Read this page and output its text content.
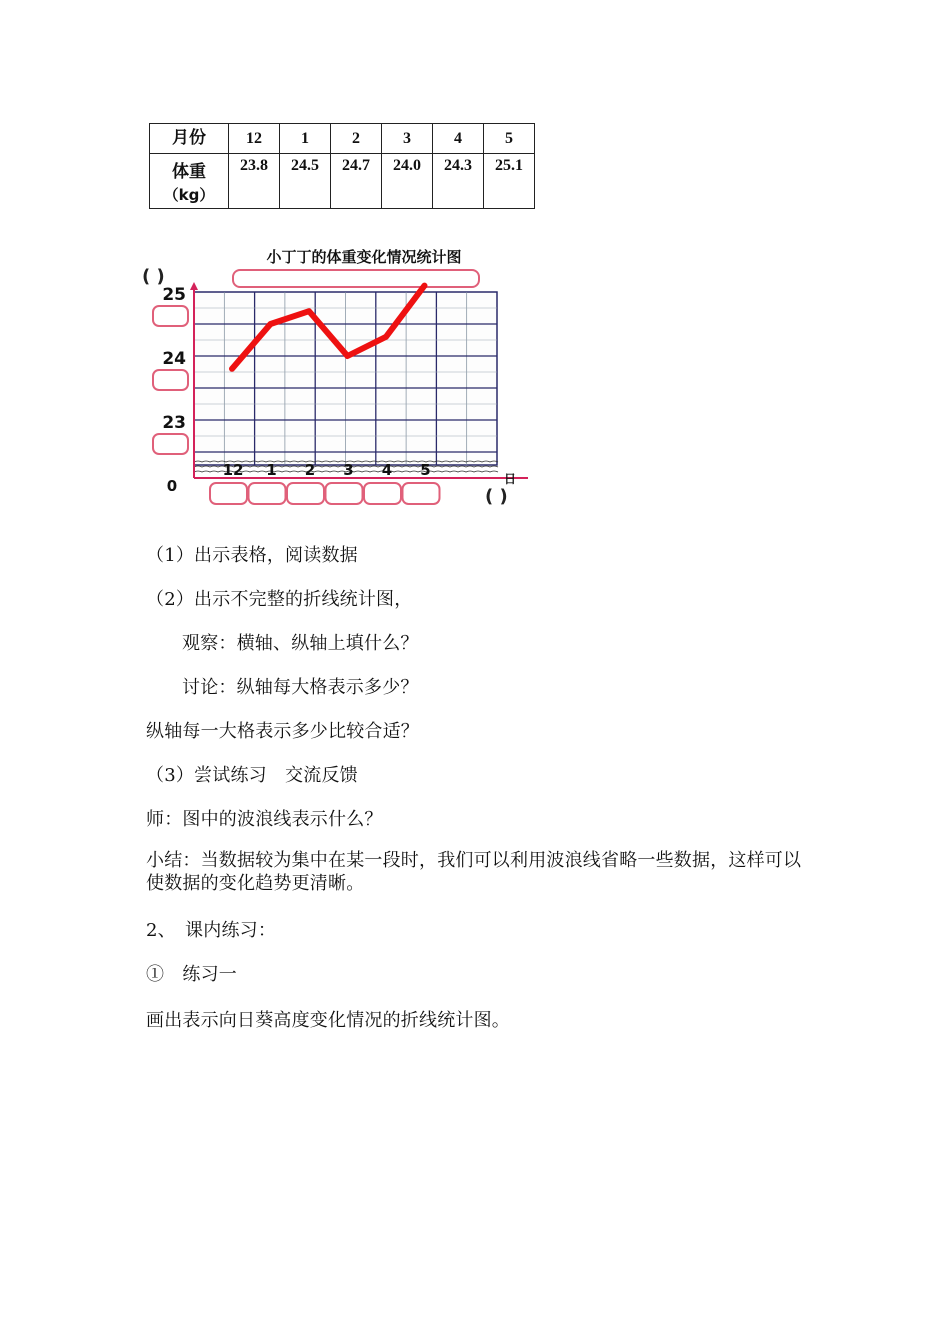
月份	12	1	2	3	4	5
体重
（kg）	23.8	24.5	24.7	24.0	24.3	25.1
小丁丁的体重变化情况统计图
( )
日
( )
25
24
23
0
12 1 2 3 4 5
（1）出示表格，阅读数据
（2）出示不完整的折线统计图，
观察：横轴、纵轴上填什么？
讨论：纵轴每大格表示多少？
纵轴每一大格表示多少比较合适？
（3）尝试练习　交流反馈
师：图中的波浪线表示什么？
小结：当数据较为集中在某一段时，我们可以利用波浪线省略一些数据，这样可以使数据的变化趋势更清晰。
2、　课内练习：
①　练习一
画出表示向日葵高度变化情况的折线统计图。
